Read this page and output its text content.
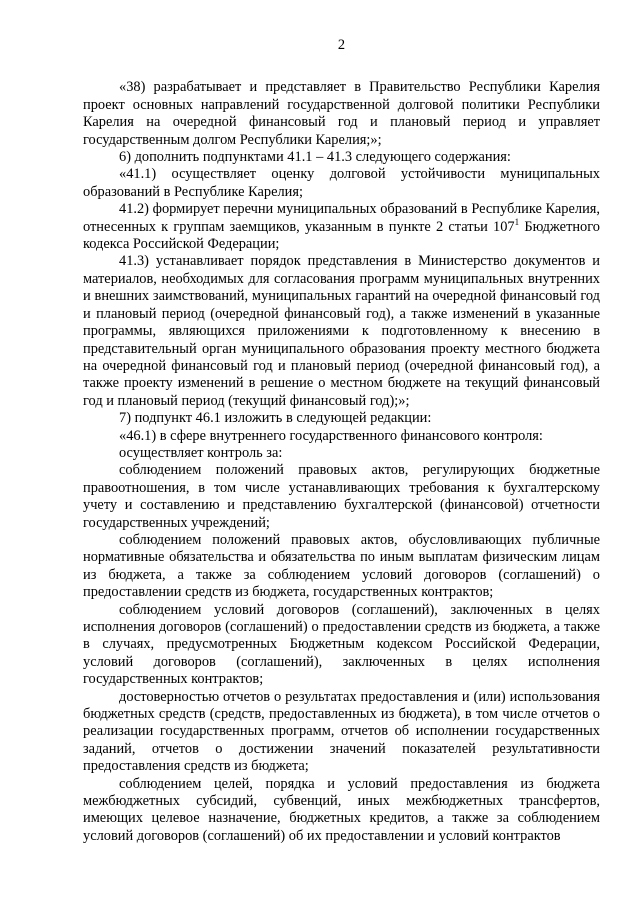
2

«38) разрабатывает и представляет в Правительство Республики Карелия проект основных направлений государственной долговой политики Республики Карелия на очередной финансовый год и плановый период и управляет государственным долгом Республики Карелия;»;

6) дополнить подпунктами 41.1 – 41.3 следующего содержания:

«41.1) осуществляет оценку долговой устойчивости муниципальных образований в Республике Карелия;

41.2) формирует перечни муниципальных образований в Республике Карелия, отнесенных к группам заемщиков, указанным в пункте 2 статьи $107^1$ Бюджетного кодекса Российской Федерации;

41.3) устанавливает порядок представления в Министерство документов и материалов, необходимых для согласования программ муниципальных внутренних и внешних заимствований, муниципальных гарантий на очередной финансовый год и плановый период (очередной финансовый год), а также изменений в указанные программы, являющихся приложениями к подготовленному к внесению в представительный орган муниципального образования проекту местного бюджета на очередной финансовый год и плановый период (очередной финансовый год), а также проекту изменений в решение о местном бюджете на текущий финансовый год и плановый период (текущий финансовый год);»;

7) подпункт 46.1 изложить в следующей редакции:

«46.1) в сфере внутреннего государственного финансового контроля:

осуществляет контроль за:

соблюдением положений правовых актов, регулирующих бюджетные правоотношения, в том числе устанавливающих требования к бухгалтерскому учету и составлению и представлению бухгалтерской (финансовой) отчетности государственных учреждений;

соблюдением положений правовых актов, обусловливающих публичные нормативные обязательства и обязательства по иным выплатам физическим лицам из бюджета, а также за соблюдением условий договоров (соглашений) о предоставлении средств из бюджета, государственных контрактов;

соблюдением условий договоров (соглашений), заключенных в целях исполнения договоров (соглашений) о предоставлении средств из бюджета, а также в случаях, предусмотренных Бюджетным кодексом Российской Федерации, условий договоров (соглашений), заключенных в целях исполнения государственных контрактов;

достоверностью отчетов о результатах предоставления и (или) использования бюджетных средств (средств, предоставленных из бюджета), в том числе отчетов о реализации государственных программ, отчетов об исполнении государственных заданий, отчетов о достижении значений показателей результативности предоставления средств из бюджета;

соблюдением целей, порядка и условий предоставления из бюджета межбюджетных субсидий, субвенций, иных межбюджетных трансфертов, имеющих целевое назначение, бюджетных кредитов, а также за соблюдением условий договоров (соглашений) об их предоставлении и условий контрактов
